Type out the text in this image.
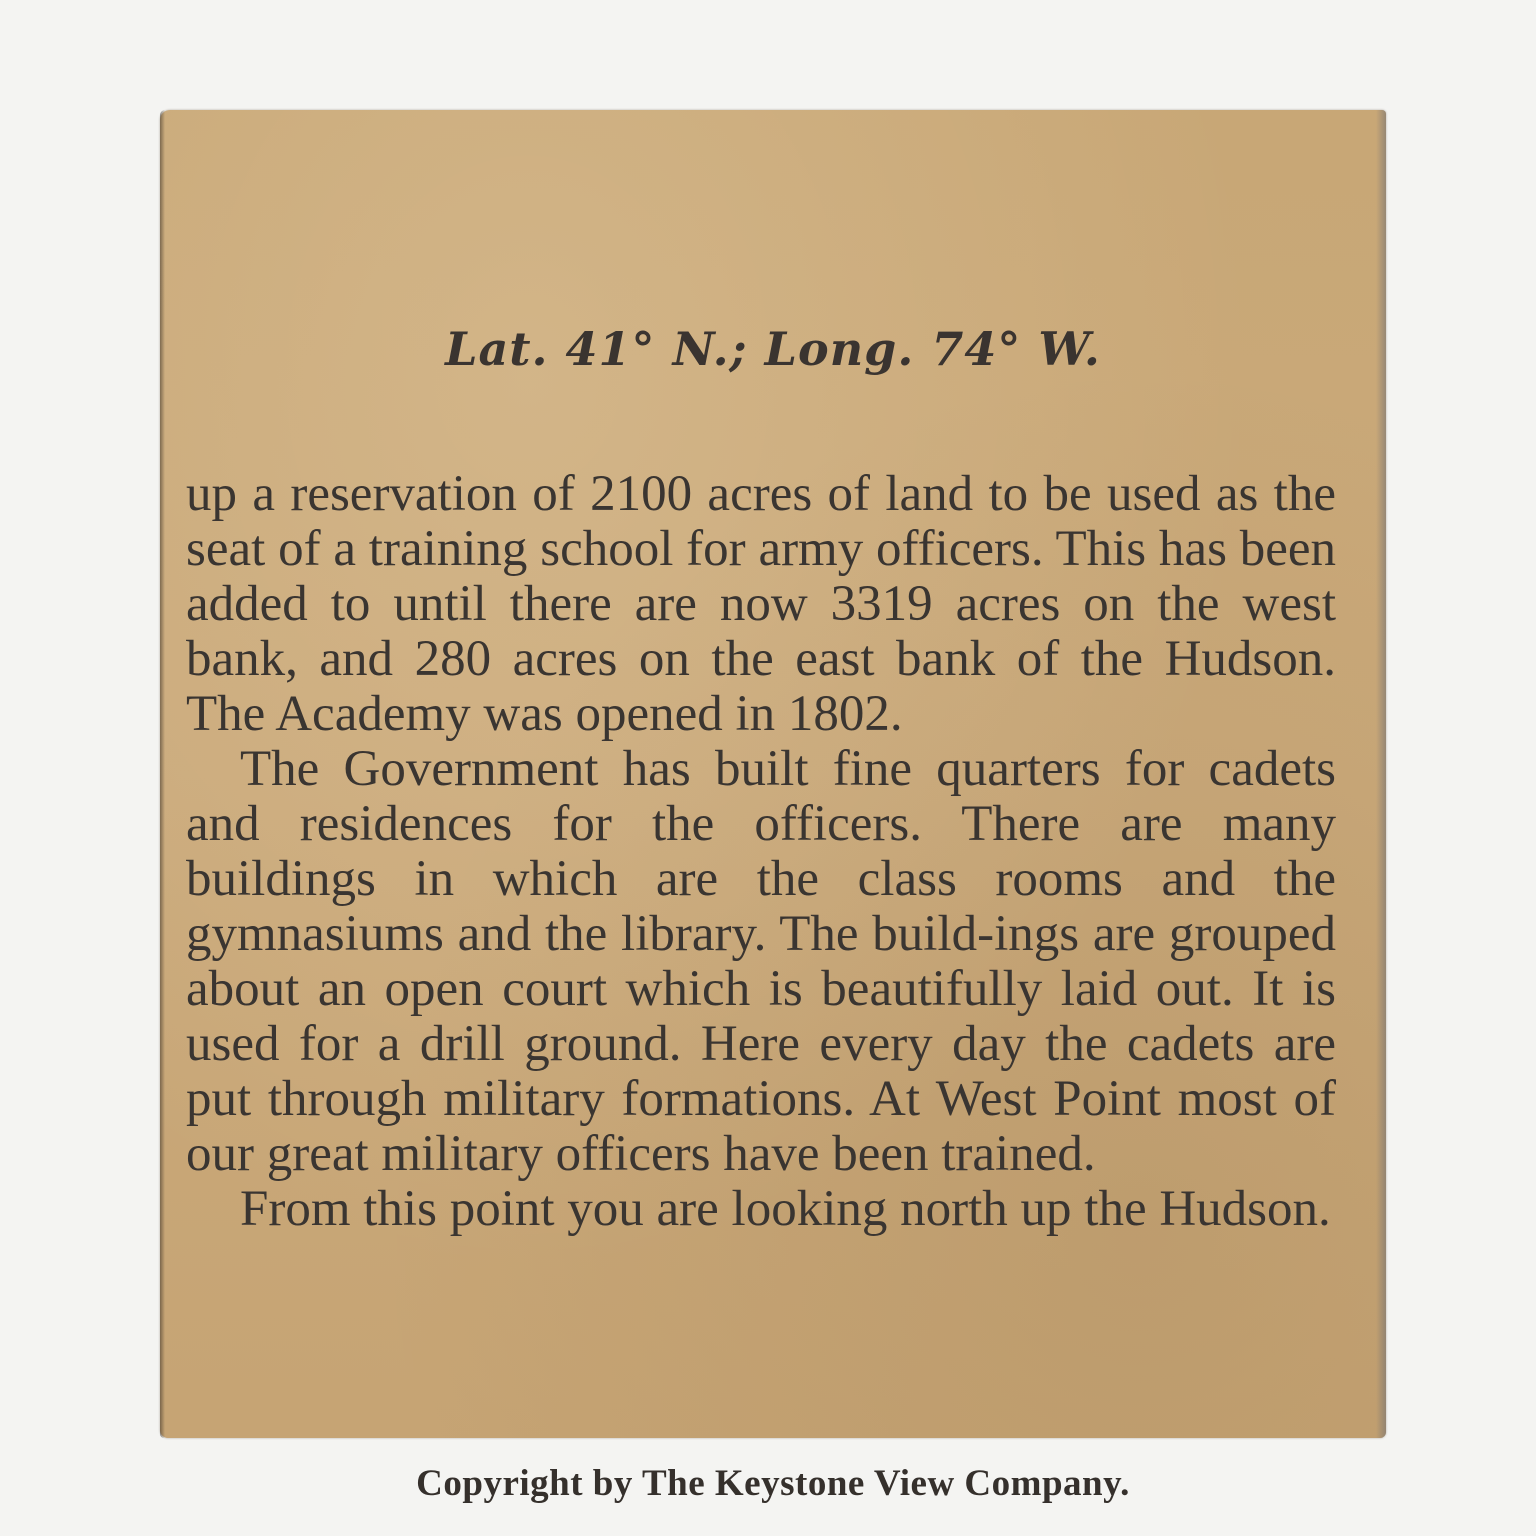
Lat. 41° N.; Long. 74° W.

up a reservation of 2100 acres of land to be used as the seat of a training school for army officers. This has been added to until there are now 3319 acres on the west bank, and 280 acres on the east bank of the Hudson. The Academy was opened in 1802.

The Government has built fine quarters for cadets and residences for the officers. There are many buildings in which are the class rooms and the gymnasiums and the library. The build-ings are grouped about an open court which is beautifully laid out. It is used for a drill ground. Here every day the cadets are put through military formations. At West Point most of our great military officers have been trained.

From this point you are looking north up the Hudson.

Copyright by The Keystone View Company.
